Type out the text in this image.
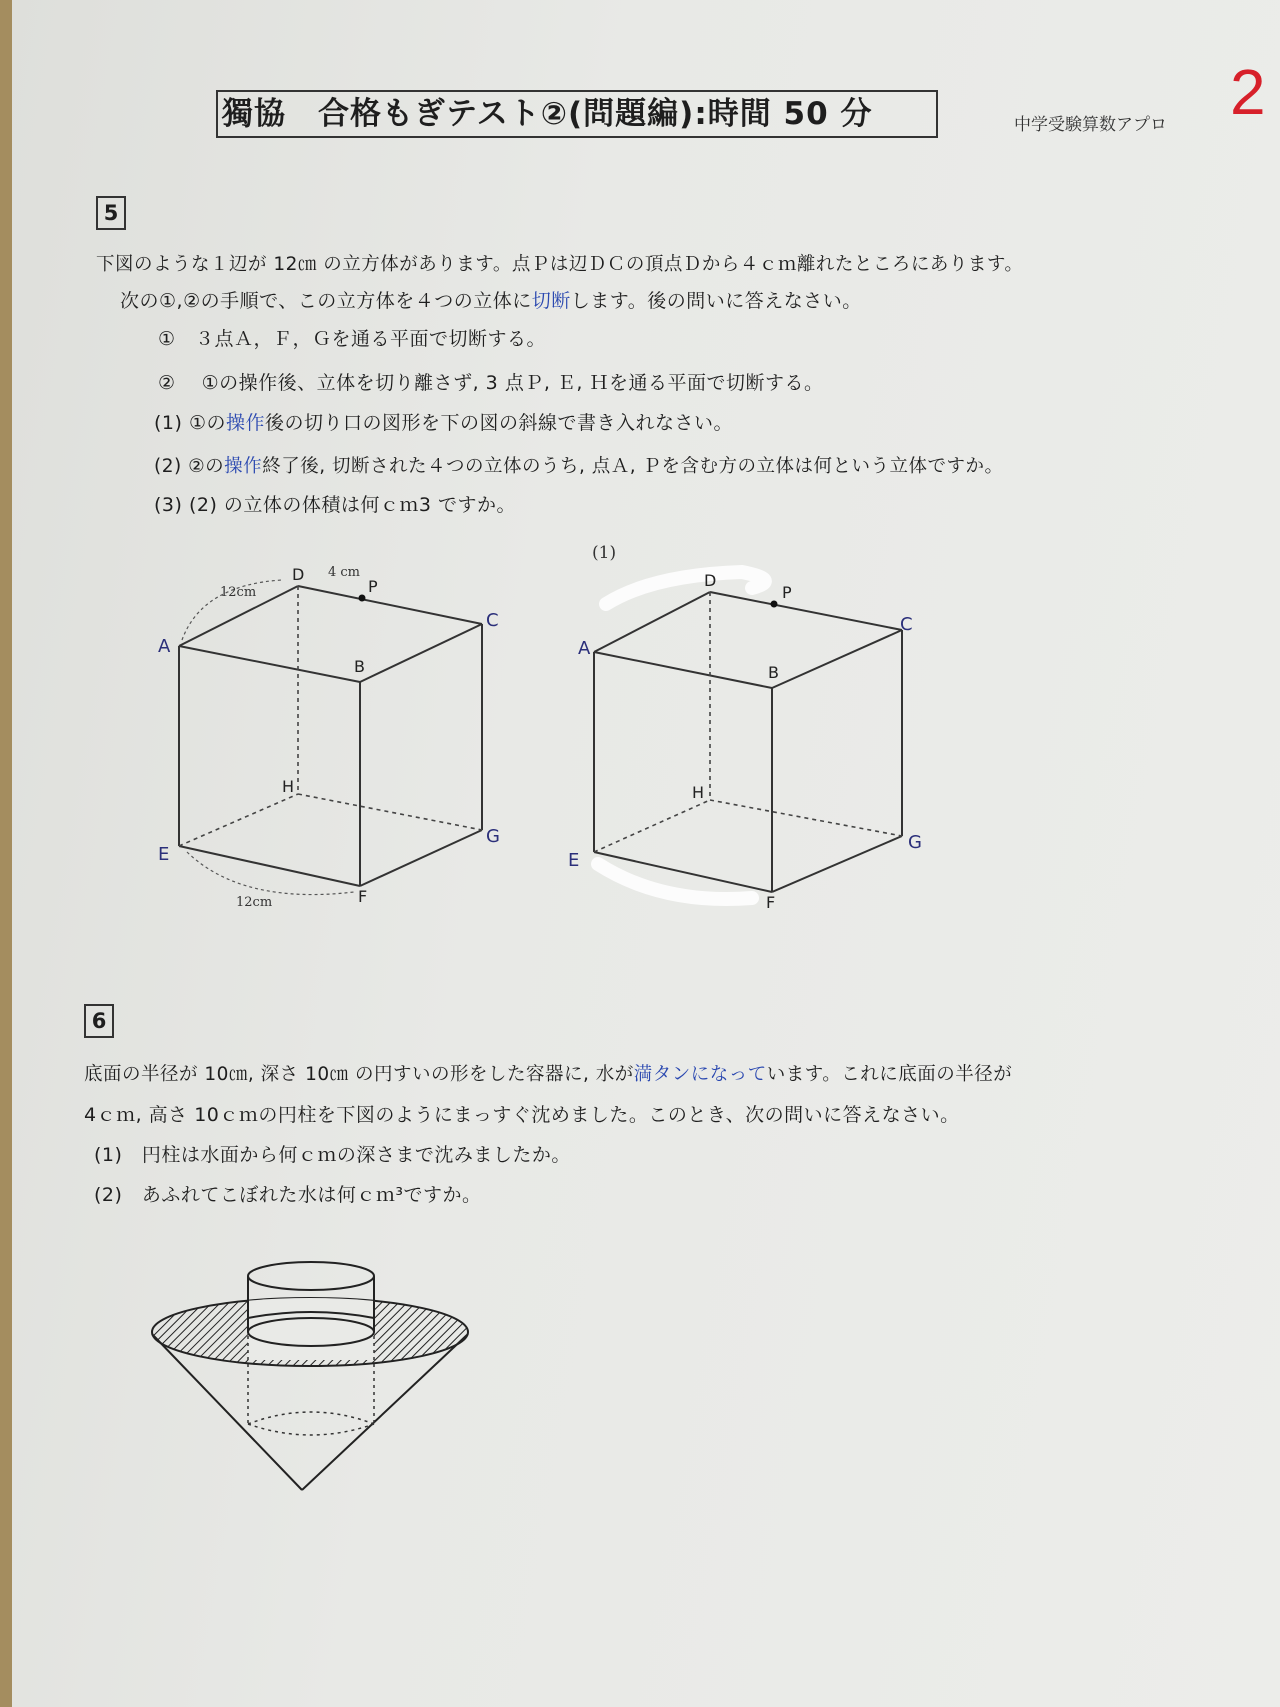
獨協　合格もぎテスト②(問題編):時間 50 分	中学受験算数アプロ 2
5
下図のような１辺が 12㎝ の立方体があります。点Ｐは辺ＤＣの頂点Ｄから４ｃｍ離れたところにあります。
次の①,②の手順で、この立方体を４つの立体に切断します。後の問いに答えなさい。
①　３点Ａ，Ｆ，Ｇを通る平面で切断する。
②　 ①の操作後、立体を切り離さず, 3 点Ｐ, Ｅ, Ｈを通る平面で切断する。
(1) ①の操作後の切り口の図形を下の図の斜線で書き入れなさい。
(2) ②の操作終了後, 切断された４つの立体のうち, 点Ａ, Ｐを含む方の立体は何という立体ですか。
(3) (2) の立体の体積は何ｃｍ3 ですか。
A
B
C
D
E
F
G
H
P
12cm
4 cm
12cm
(1)
A
B
C
D
E
F
G
H
P
6
底面の半径が 10㎝, 深さ 10㎝ の円すいの形をした容器に, 水が満タンになっています。これに底面の半径が
4ｃｍ, 高さ 10ｃｍの円柱を下図のようにまっすぐ沈めました。このとき、次の問いに答えなさい。
(1)　円柱は水面から何ｃｍの深さまで沈みましたか。
(2)　あふれてこぼれた水は何ｃｍ³ですか。
